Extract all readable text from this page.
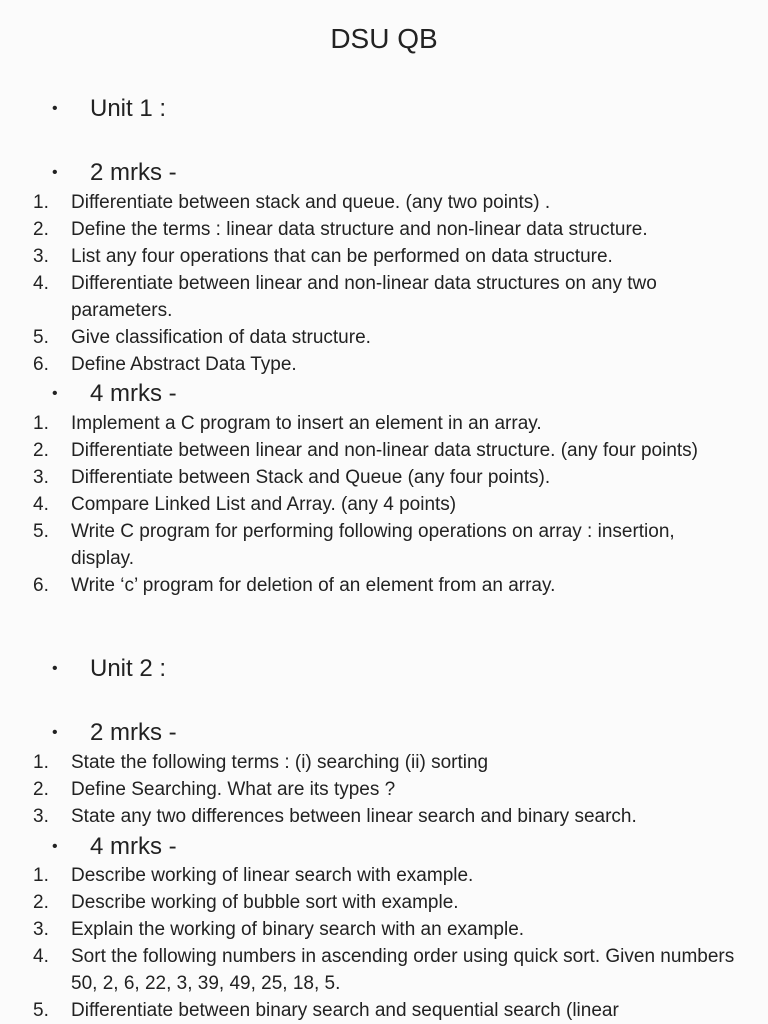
DSU QB
• Unit 1 :
• 2 mrks -
1. Differentiate between stack and queue. (any two points) .
2. Define the terms : linear data structure and non-linear data structure.
3. List any four operations that can be performed on data structure.
4. Differentiate between linear and non-linear data structures on any two parameters.
5. Give classification of data structure.
6. Define Abstract Data Type.
• 4 mrks -
1. Implement a C program to insert an element in an array.
2. Differentiate between linear and non-linear data structure. (any four points)
3. Differentiate between Stack and Queue (any four points).
4. Compare Linked List and Array. (any 4 points)
5. Write C program for performing following operations on array : insertion, display.
6. Write ‘c’ program for deletion of an element from an array.
• Unit 2 :
• 2 mrks -
1. State the following terms : (i) searching (ii) sorting
2. Define Searching. What are its types ?
3. State any two differences between linear search and binary search.
• 4 mrks -
1. Describe working of linear search with example.
2. Describe working of bubble sort with example.
3. Explain the working of binary search with an example.
4. Sort the following numbers in ascending order using quick sort. Given numbers 50, 2, 6, 22, 3, 39, 49, 25, 18, 5.
5. Differentiate between binary search and sequential search (linear
